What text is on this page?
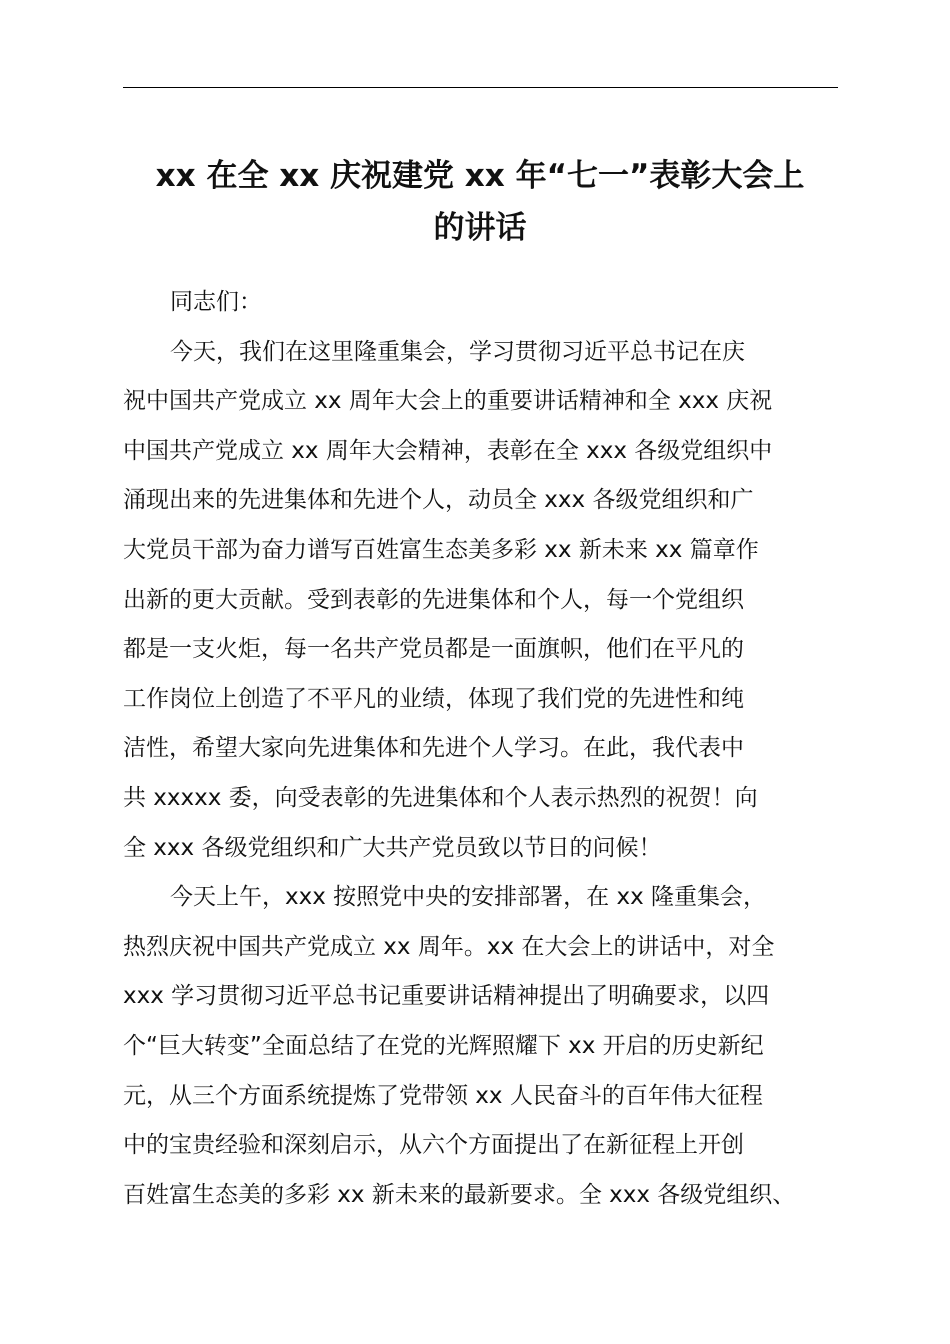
xx 在全 xx 庆祝建党 xx 年“七一”表彰大会上
的讲话
同志们：
今天，我们在这里隆重集会，学习贯彻习近平总书记在庆
祝中国共产党成立 xx 周年大会上的重要讲话精神和全 xxx 庆祝
中国共产党成立 xx 周年大会精神，表彰在全 xxx 各级党组织中
涌现出来的先进集体和先进个人，动员全 xxx 各级党组织和广
大党员干部为奋力谱写百姓富生态美多彩 xx 新未来 xx 篇章作
出新的更大贡献。受到表彰的先进集体和个人，每一个党组织
都是一支火炬，每一名共产党员都是一面旗帜，他们在平凡的
工作岗位上创造了不平凡的业绩，体现了我们党的先进性和纯
洁性，希望大家向先进集体和先进个人学习。在此，我代表中
共 xxxxx 委，向受表彰的先进集体和个人表示热烈的祝贺！向
全 xxx 各级党组织和广大共产党员致以节日的问候！
今天上午，xxx 按照党中央的安排部署，在 xx 隆重集会，
热烈庆祝中国共产党成立 xx 周年。xx 在大会上的讲话中，对全
xxx 学习贯彻习近平总书记重要讲话精神提出了明确要求，以四
个“巨大转变”全面总结了在党的光辉照耀下 xx 开启的历史新纪
元，从三个方面系统提炼了党带领 xx 人民奋斗的百年伟大征程
中的宝贵经验和深刻启示，从六个方面提出了在新征程上开创
百姓富生态美的多彩 xx 新未来的最新要求。全 xxx 各级党组织、
